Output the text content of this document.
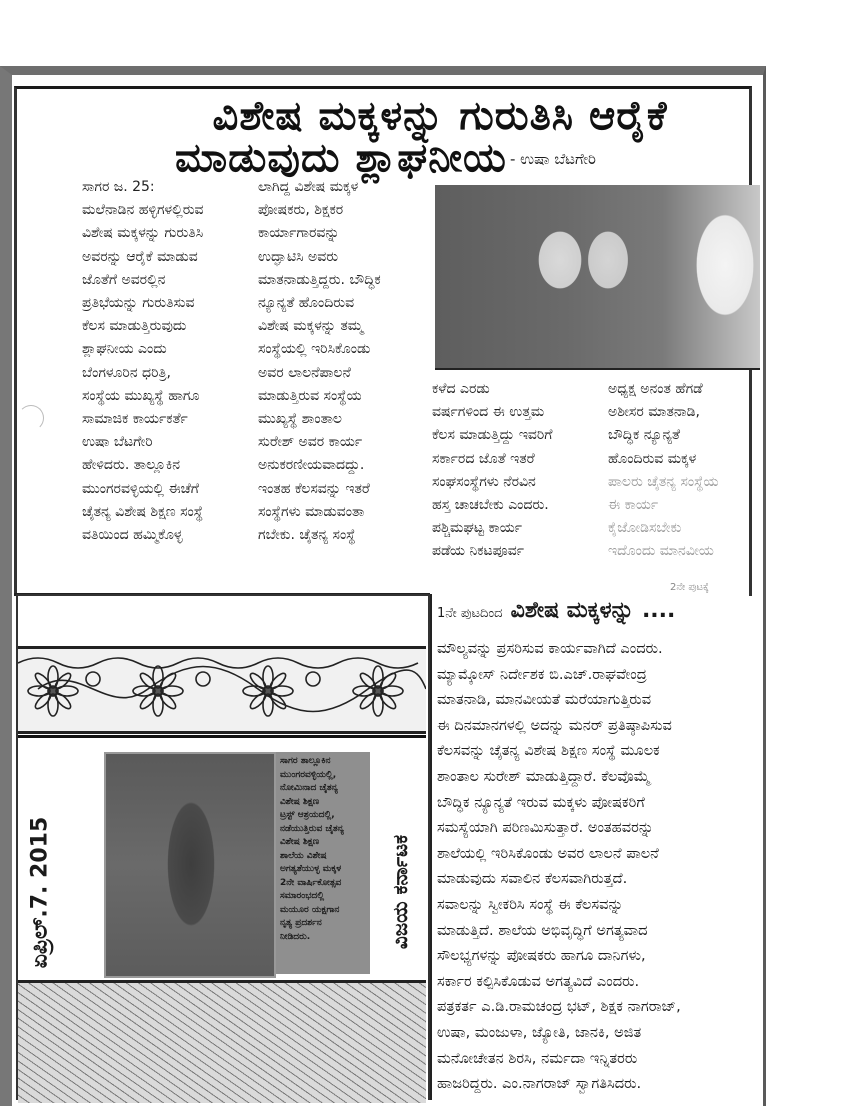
ವಿಶೇಷ ಮಕ್ಕಳನ್ನು ಗುರುತಿಸಿ ಆರೈಕೆ
ಮಾಡುವುದು ಶ್ಲಾಘನೀಯ - ಉಷಾ ಬೆಟಗೇರಿ
ಸಾಗರ ಜ. 25:
ಮಲೆನಾಡಿನ ಹಳ್ಳಿಗಳಲ್ಲಿರುವ
ವಿಶೇಷ ಮಕ್ಕಳನ್ನು ಗುರುತಿಸಿ
ಅವರನ್ನು ಆರೈಕೆ ಮಾಡುವ
ಜೊತೆಗೆ ಅವರಲ್ಲಿನ
ಪ್ರತಿಭೆಯನ್ನು ಗುರುತಿಸುವ
ಕೆಲಸ ಮಾಡುತ್ತಿರುವುದು
ಶ್ಲಾಘನೀಯ ಎಂದು
ಬೆಂಗಳೂರಿನ ಧರಿತ್ರಿ,
ಸಂಸ್ಥೆಯ ಮುಖ್ಯಸ್ಥೆ ಹಾಗೂ
ಸಾಮಾಜಿಕ ಕಾರ್ಯಕರ್ತೆ
ಉಷಾ ಬೆಟಗೇರಿ
ಹೇಳಿದರು. ತಾಲ್ಲೂಕಿನ
ಮುಂಗರವಳ್ಳಿಯಲ್ಲಿ ಈಚೆಗೆ
ಚೈತನ್ಯ ವಿಶೇಷ ಶಿಕ್ಷಣ ಸಂಸ್ಥೆ
ವತಿಯಿಂದ ಹಮ್ಮಿಕೊಳ್ಳ
ಲಾಗಿದ್ದ ವಿಶೇಷ ಮಕ್ಕಳ
ಪೋಷಕರು, ಶಿಕ್ಷಕರ
ಕಾರ್ಯಾಗಾರವನ್ನು
ಉದ್ಘಾಟಿಸಿ ಅವರು
ಮಾತನಾಡುತ್ತಿದ್ದರು. ಬೌದ್ಧಿಕ
ನ್ಯೂನ್ಯತೆ ಹೊಂದಿರುವ
ವಿಶೇಷ ಮಕ್ಕಳನ್ನು ತಮ್ಮ
ಸಂಸ್ಥೆಯಲ್ಲಿ ಇರಿಸಿಕೊಂಡು
ಅವರ ಲಾಲನೆಪಾಲನೆ
ಮಾಡುತ್ತಿರುವ ಸಂಸ್ಥೆಯ
ಮುಖ್ಯಸ್ಥೆ ಶಾಂತಾಲ
ಸುರೇಶ್ ಅವರ ಕಾರ್ಯ
ಅನುಕರಣೀಯವಾದದ್ದು.
ಇಂತಹ ಕೆಲಸವನ್ನು ಇತರೆ
ಸಂಸ್ಥೆಗಳು ಮಾಡುವಂತಾ
ಗಬೇಕು. ಚೈತನ್ಯ ಸಂಸ್ಥೆ
ಕಳೆದ ಎರಡು
ವರ್ಷಗಳಿಂದ ಈ ಉತ್ತಮ
ಕೆಲಸ ಮಾಡುತ್ತಿದ್ದು ಇವರಿಗೆ
ಸರ್ಕಾರದ ಜೊತೆ ಇತರೆ
ಸಂಘಸಂಸ್ಥೆಗಳು ನೆರವಿನ
ಹಸ್ತ ಚಾಚಬೇಕು ಎಂದರು.
ಪಶ್ಚಿಮಘಟ್ಟ ಕಾರ್ಯ
ಪಡೆಯ ನಿಕಟಪೂರ್ವ
ಅಧ್ಯಕ್ಷ ಅನಂತ ಹೆಗಡೆ
ಅಶೀಸರ ಮಾತನಾಡಿ,
ಬೌದ್ಧಿಕ ನ್ಯೂನ್ಯತೆ
ಹೊಂದಿರುವ ಮಕ್ಕಳ
ಪಾಲರು ಚೈತನ್ಯ ಸಂಸ್ಥೆಯ
ಈ ಕಾರ್ಯ
ಕೈಜೋಡಿಸಬೇಕು
ಇದೊಂದು ಮಾನವೀಯ
2ನೇ ಪುಟಕ್ಕೆ
ಏಪ್ರಿಲ್.7. 2015
ಸಾಗರ ತಾಲ್ಲೂಕಿನ
ಮುಂಗರವಳ್ಳಿಯಲ್ಲಿ,
ನೋಮಿನಾದ ಚೈತನ್ಯ
ವಿಶೇಷ ಶಿಕ್ಷಣ
ಟ್ರಸ್ಟ್ ಆಶ್ರಯದಲ್ಲಿ,
ನಡೆಯುತ್ತಿರುವ ಚೈತನ್ಯ
ವಿಶೇಷ ಶಿಕ್ಷಣ
ಶಾಲೆಯ ವಿಶೇಷ
ಅಗತ್ಯತೆಯುಳ್ಳ ಮಕ್ಕಳ
2ನೇ ವಾರ್ಷಿಕೋತ್ಸವ
ಸಮಾರಂಭದಲ್ಲಿ
ಮಯೂರ ಯಕ್ಷಗಾನ
ನೃತ್ಯ ಪ್ರದರ್ಶನ
ನೀಡಿದರು.	ವಿಜಯ ಕರ್ನಾಟಕ
1ನೇ ಪುಟದಿಂದ ವಿಶೇಷ ಮಕ್ಕಳನ್ನು ....
ಮೌಲ್ಯವನ್ನು ಪ್ರಸರಿಸುವ ಕಾರ್ಯವಾಗಿದೆ ಎಂದರು.
ಮ್ಯಾಮ್ಕೋಸ್ ನಿರ್ದೇಶಕ ಬಿ.ಎಚ್.ರಾಘವೇಂದ್ರ
ಮಾತನಾಡಿ, ಮಾನವೀಯತೆ ಮರೆಯಾಗುತ್ತಿರುವ
ಈ ದಿನಮಾನಗಳಲ್ಲಿ ಅದನ್ನು ಮನರ್ ಪ್ರತಿಷ್ಠಾಪಿಸುವ
ಕೆಲಸವನ್ನು ಚೈತನ್ಯ ವಿಶೇಷ ಶಿಕ್ಷಣ ಸಂಸ್ಥೆ ಮೂಲಕ
ಶಾಂತಾಲ ಸುರೇಶ್ ಮಾಡುತ್ತಿದ್ದಾರೆ. ಕೆಲವೊಮ್ಮೆ
ಬೌದ್ಧಿಕ ನ್ಯೂನ್ಯತೆ ಇರುವ ಮಕ್ಕಳು ಪೋಷಕರಿಗೆ
ಸಮಸ್ಯೆಯಾಗಿ ಪರಿಣಮಿಸುತ್ತಾರೆ. ಅಂತಹವರನ್ನು
ಶಾಲೆಯಲ್ಲಿ ಇರಿಸಿಕೊಂಡು ಅವರ ಲಾಲನೆ ಪಾಲನೆ
ಮಾಡುವುದು ಸವಾಲಿನ ಕೆಲಸವಾಗಿರುತ್ತದೆ.
ಸವಾಲನ್ನು ಸ್ವೀಕರಿಸಿ ಸಂಸ್ಥೆ ಈ ಕೆಲಸವನ್ನು
ಮಾಡುತ್ತಿದೆ. ಶಾಲೆಯ ಅಭಿವೃದ್ಧಿಗೆ ಅಗತ್ಯವಾದ
ಸೌಲಭ್ಯಗಳನ್ನು ಪೋಷಕರು ಹಾಗೂ ದಾನಿಗಳು,
ಸರ್ಕಾರ ಕಲ್ಪಿಸಿಕೊಡುವ ಅಗತ್ಯವಿದೆ ಎಂದರು.
ಪತ್ರಕರ್ತ ಎ.ಡಿ.ರಾಮಚಂದ್ರ ಭಟ್, ಶಿಕ್ಷಕ ನಾಗರಾಜ್,
ಉಷಾ, ಮಂಜುಳಾ, ಜ್ಯೋತಿ, ಜಾನಕಿ, ಅಜಿತ
ಮನೋಚೇತನ ಶಿರಸಿ, ನರ್ಮದಾ ಇನ್ನಿತರರು
ಹಾಜರಿದ್ದರು. ಎಂ.ನಾಗರಾಜ್ ಸ್ವಾಗತಿಸಿದರು.
